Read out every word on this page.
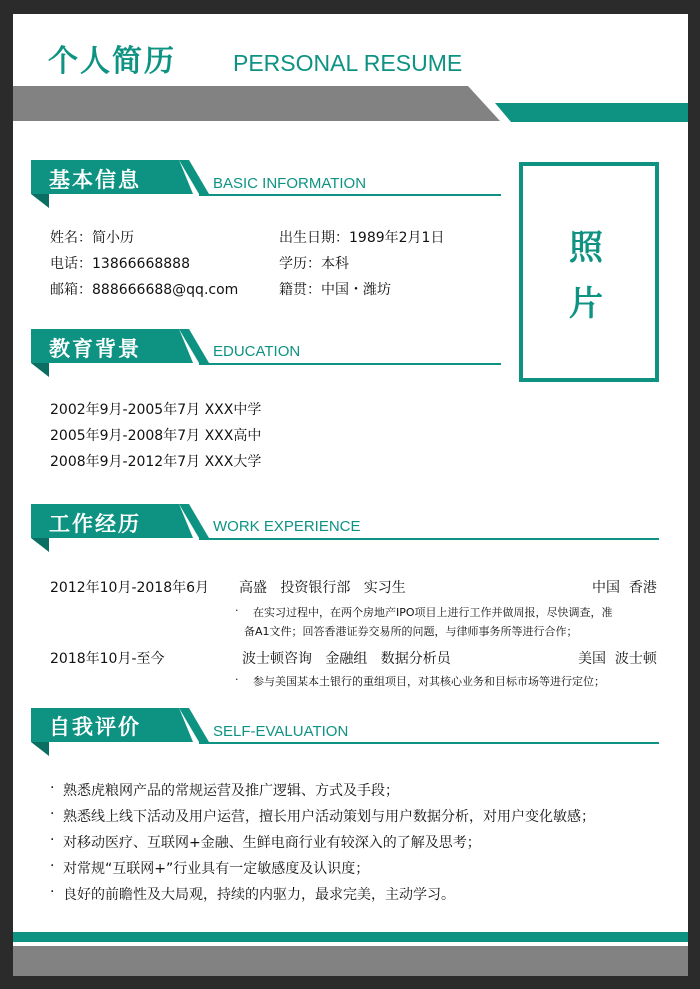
个人简历 PERSONAL RESUME
照
片
基本信息	BASIC INFORMATION
姓名：简小历	出生日期：1989年2月1日
电话：13866668888	学历：本科
邮箱：888666688@qq.com	籍贯：中国・潍坊
教育背景	EDUCATION
2002年9月-2005年7月 XXX中学
2005年9月-2008年7月 XXX高中
2008年9月-2012年7月 XXX大学
工作经历	WORK EXPERIENCE
2012年10月-2018年6月 高盛   投资银行部   实习生	中国  香港
· 在实习过程中，在两个房地产IPO项目上进行工作并做周报，尽快调查，准
备A1文件；回答香港证券交易所的问题，与律师事务所等进行合作；
2018年10月-至今	波士顿咨询   金融组   数据分析员	美国  波士顿
· 参与美国某本土银行的重组项目，对其核心业务和目标市场等进行定位；
自我评价	SELF-EVALUATION
· 熟悉虎粮网产品的常规运营及推广逻辑、方式及手段；
· 熟悉线上线下活动及用户运营，擅长用户活动策划与用户数据分析，对用户变化敏感；
· 对移动医疗、互联网+金融、生鲜电商行业有较深入的了解及思考；
· 对常规“互联网+”行业具有一定敏感度及认识度；
· 良好的前瞻性及大局观，持续的内驱力，最求完美，主动学习。
